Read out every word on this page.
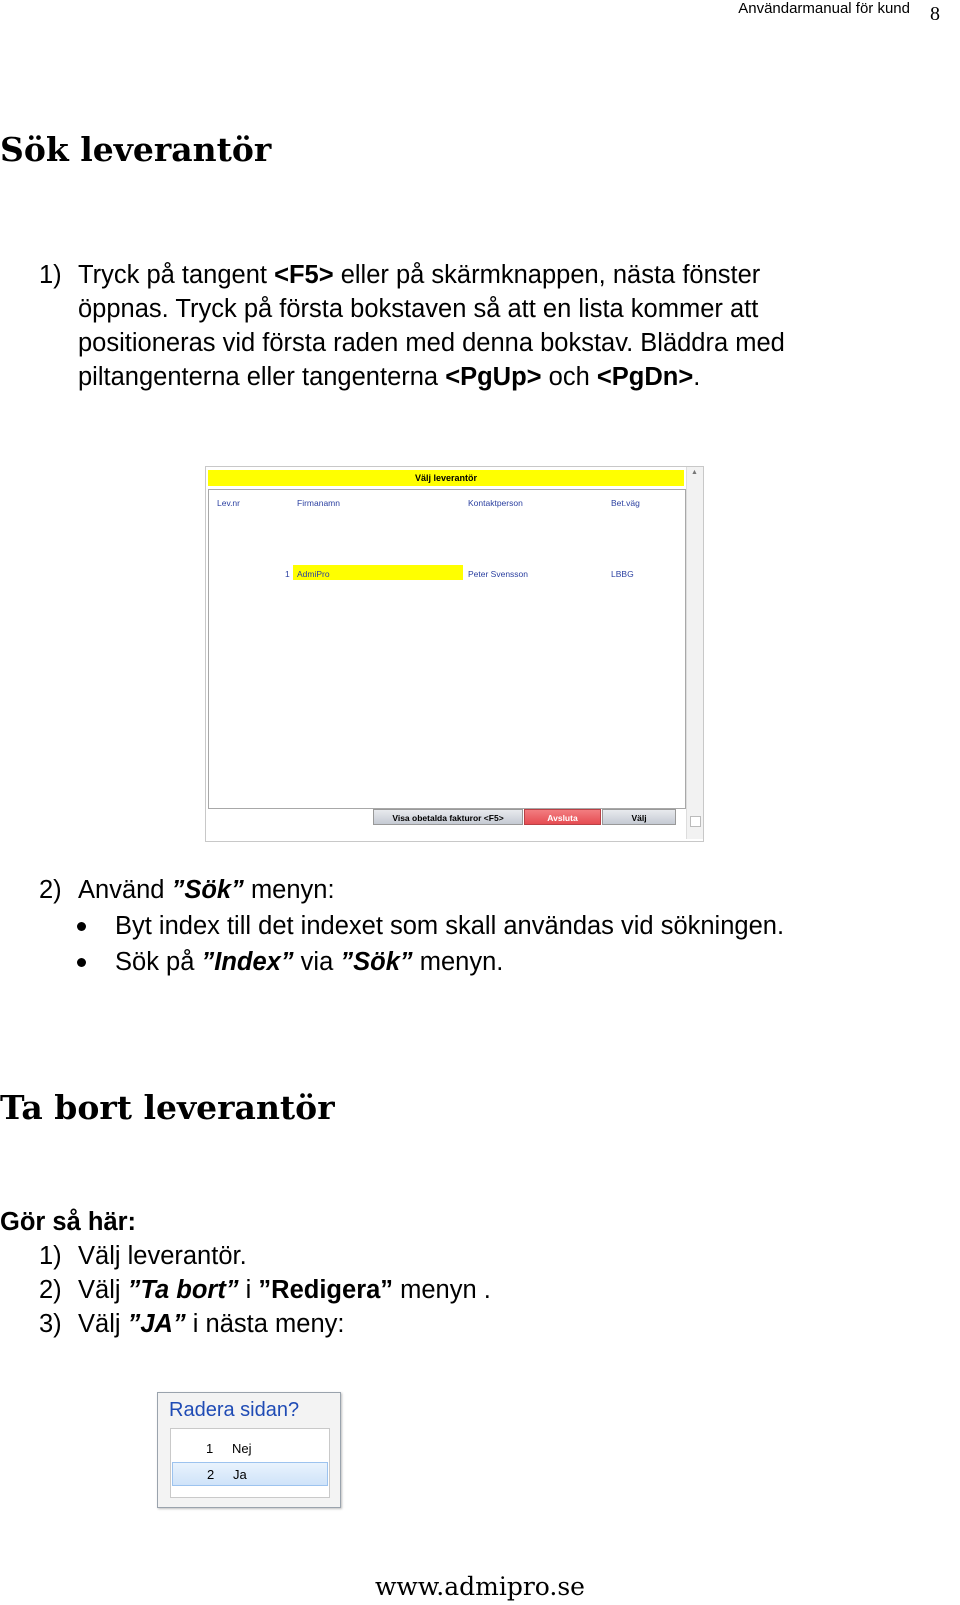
Användarmanual för kund 8
Sök leverantör
1) Tryck på tangent <F5> eller på skärmknappen, nästa fönster
öppnas. Tryck på första bokstaven så att en lista kommer att
positioneras vid första raden med denna bokstav. Bläddra med
piltangenterna eller tangenterna <PgUp> och <PgDn>.
Välj leverantör
Lev.nr	Firmanamn	Kontaktperson	Bet.väg
1 AdmiPro	Peter Svensson	LBBG
Visa obetalda fakturor <F5>	Avsluta	Välj
▲
2) Använd ”Sök” menyn:
Byt index till det indexet som skall användas vid sökningen.
Sök på ”Index” via ”Sök” menyn.
Ta bort leverantör
Gör så här:
1) Välj leverantör.
2) Välj ”Ta bort” i ”Redigera” menyn .
3) Välj ”JA” i nästa meny:
Radera sidan?
1 Nej
2 Ja
www.admipro.se
